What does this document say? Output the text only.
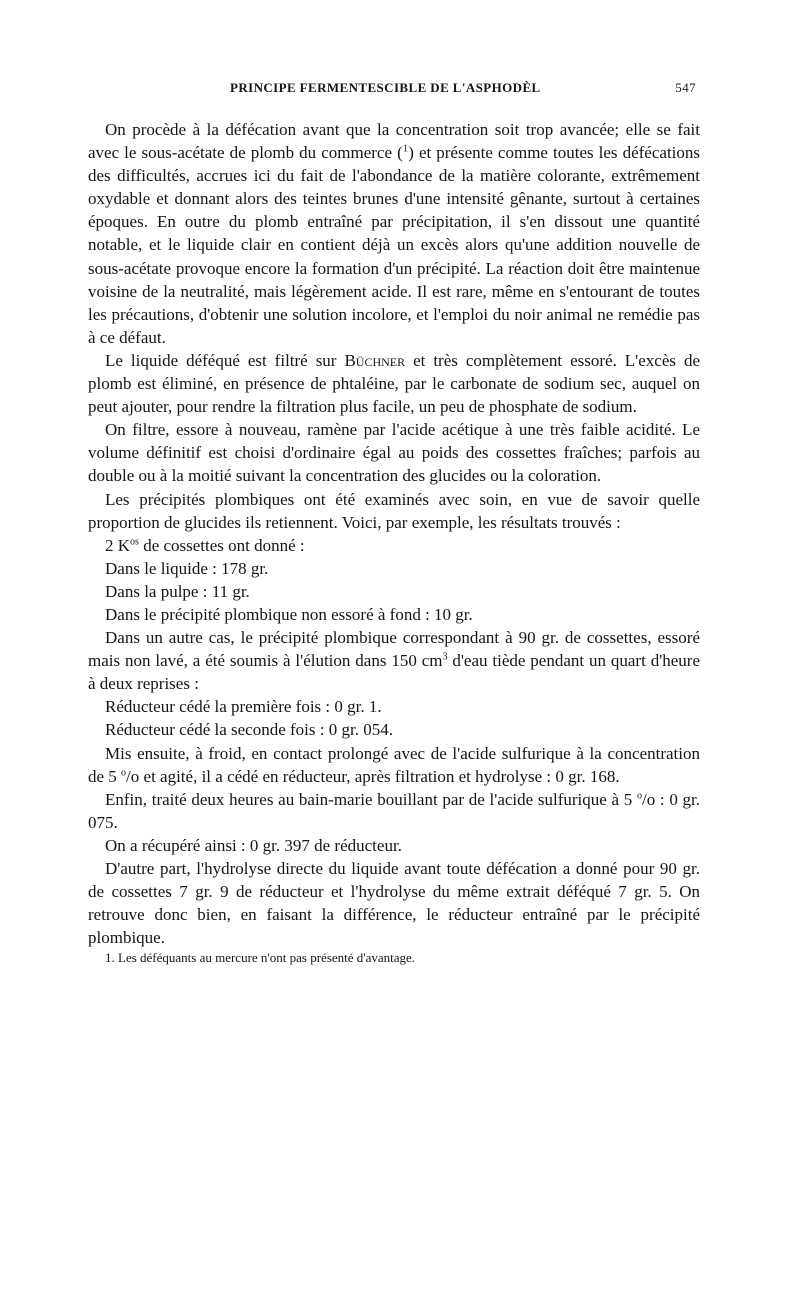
PRINCIPE FERMENTESCIBLE DE L'ASPHODÈL	547

On procède à la défécation avant que la concentration soit trop avancée; elle se fait avec le sous-acétate de plomb du commerce ($^1$) et présente comme toutes les défécations des difficultés, accrues ici du fait de l'abondance de la matière colorante, extrêmement oxydable et donnant alors des teintes brunes d'une intensité gênante, surtout à certaines époques. En outre du plomb entraîné par précipitation, il s'en dissout une quantité notable, et le liquide clair en contient déjà un excès alors qu'une addition nouvelle de sous-acétate provoque encore la formation d'un précipité. La réaction doit être maintenue voisine de la neutralité, mais légèrement acide. Il est rare, même en s'entourant de toutes les précautions, d'obtenir une solution incolore, et l'emploi du noir animal ne remédie pas à ce défaut.

Le liquide déféqué est filtré sur Büchner et très complètement essoré. L'excès de plomb est éliminé, en présence de phtaléine, par le carbonate de sodium sec, auquel on peut ajouter, pour rendre la filtration plus facile, un peu de phosphate de sodium.

On filtre, essore à nouveau, ramène par l'acide acétique à une très faible acidité. Le volume définitif est choisi d'ordinaire égal au poids des cossettes fraîches; parfois au double ou à la moitié suivant la concentration des glucides ou la coloration.

Les précipités plombiques ont été examinés avec soin, en vue de savoir quelle proportion de glucides ils retiennent. Voici, par exemple, les résultats trouvés :

2 $K^{os}$ de cossettes ont donné :

Dans le liquide : 178 gr.

Dans la pulpe : 11 gr.

Dans le précipité plombique non essoré à fond : 10 gr.

Dans un autre cas, le précipité plombique correspondant à 90 gr. de cossettes, essoré mais non lavé, a été soumis à l'élution dans 150 $cm^3$ d'eau tiède pendant un quart d'heure à deux reprises :

Réducteur cédé la première fois : 0 gr. 1.

Réducteur cédé la seconde fois : 0 gr. 054.

Mis ensuite, à froid, en contact prolongé avec de l'acide sulfurique à la concentration de 5 $^o$/o et agité, il a cédé en réducteur, après filtration et hydrolyse : 0 gr. 168.

Enfin, traité deux heures au bain-marie bouillant par de l'acide sulfurique à 5 $^o$/o : 0 gr. 075.

On a récupéré ainsi : 0 gr. 397 de réducteur.

D'autre part, l'hydrolyse directe du liquide avant toute défécation a donné pour 90 gr. de cossettes 7 gr. 9 de réducteur et l'hydrolyse du même extrait déféqué 7 gr. 5. On retrouve donc bien, en faisant la différence, le réducteur entraîné par le précipité plombique.

1. Les déféquants au mercure n'ont pas présenté d'avantage.
